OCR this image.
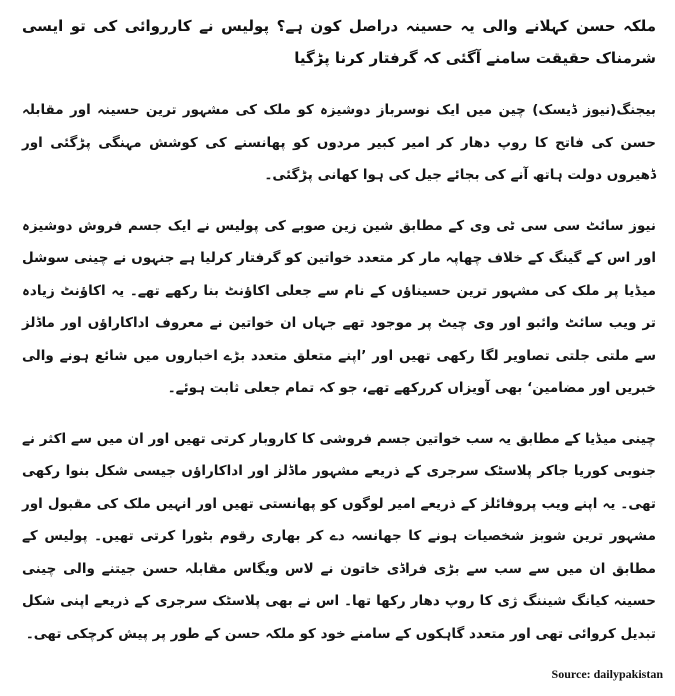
ملکہ حسن کہلانے والی یہ حسینہ دراصل کون ہے؟ پولیس نے کارروائی کی تو ایسی شرمناک حقیقت سامنے آگئی کہ گرفتار کرنا پڑگیا

بیجنگ(نیوز ڈیسک) چین میں ایک نوسرباز دوشیزہ کو ملک کی مشہور ترین حسینہ اور مقابلہ حسن کی فاتح کا روپ دھار کر امیر کبیر مردوں کو پھانسنے کی کوشش مہنگی پڑگئی اور ڈھیروں دولت ہاتھ آنے کی بجائے جیل کی ہوا کھانی پڑگئی۔

نیوز سائٹ سی سی ٹی وی کے مطابق شین زین صوبے کی پولیس نے ایک جسم فروش دوشیزہ اور اس کے گینگ کے خلاف چھاپہ مار کر متعدد خواتین کو گرفتار کرلیا ہے جنہوں نے چینی سوشل میڈیا پر ملک کی مشہور ترین حسیناﺅں کے نام سے جعلی اکاﺅنٹ بنا رکھے تھے۔ یہ اکاﺅنٹ زیادہ تر ویب سائٹ وائبو اور وی چیٹ پر موجود تھے جہاں ان خواتین نے معروف اداکاراﺅں اور ماڈلز سے ملتی جلتی تصاویر لگا رکھی تھیں اور ’اپنے متعلق متعدد بڑے اخباروں میں شائع ہونے والی خبریں اور مضامین‘ بھی آویزاں کررکھے تھے، جو کہ تمام جعلی ثابت ہوئے۔

چینی میڈیا کے مطابق یہ سب خواتین جسم فروشی کا کاروبار کرتی تھیں اور ان میں سے اکثر نے جنوبی کوریا جاکر پلاسٹک سرجری کے ذریعے مشہور ماڈلز اور اداکاراﺅں جیسی شکل بنوا رکھی تھی۔ یہ اپنے ویب پروفائلز کے ذریعے امیر لوگوں کو پھانستی تھیں اور انہیں ملک کی مقبول اور مشہور ترین شوبز شخصیات ہونے کا جھانسہ دے کر بھاری رقوم بٹورا کرتی تھیں۔ پولیس کے مطابق ان میں سے سب سے بڑی فراڈی خاتون نے لاس ویگاس مقابلہ حسن جیتنے والی چینی حسینہ کیانگ شیننگ ژی کا روپ دھار رکھا تھا۔ اس نے بھی پلاسٹک سرجری کے ذریعے اپنی شکل تبدیل کروائی تھی اور متعدد گاہکوں کے سامنے خود کو ملکہ حسن کے طور پر پیش کرچکی تھی۔

Source: dailypakistan
